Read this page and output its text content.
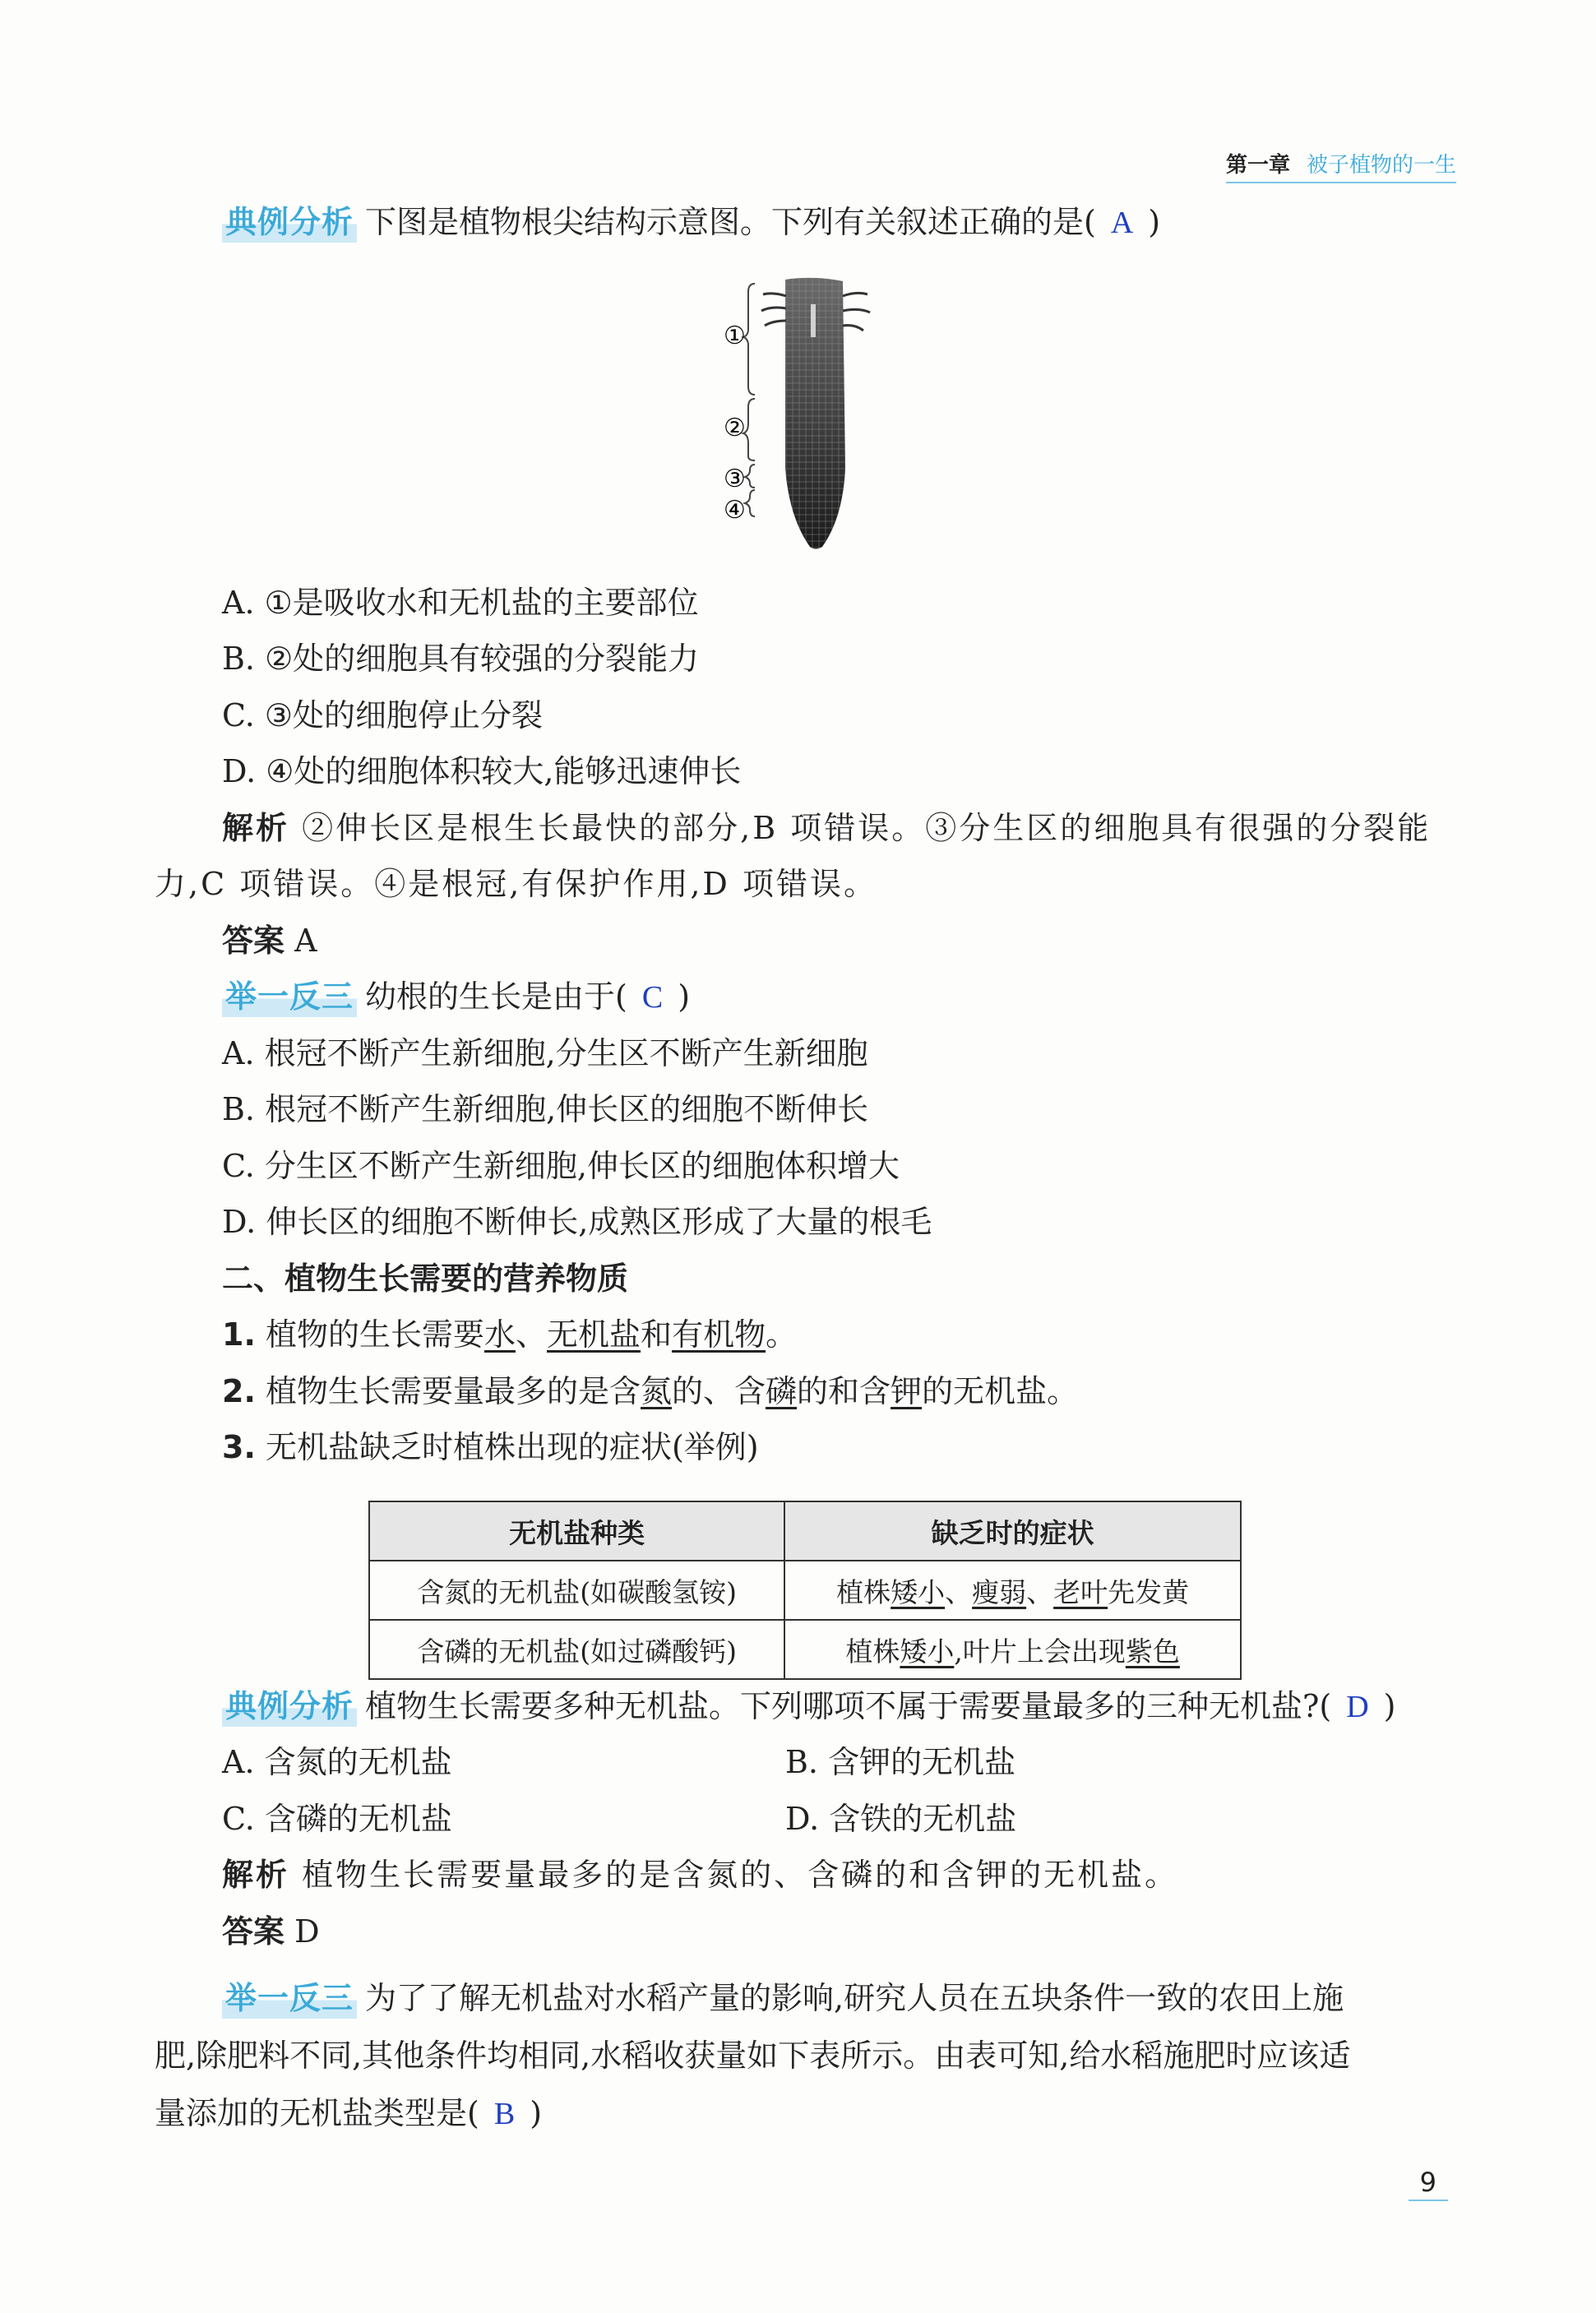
第一章 被子植物的一生
典例分析 下图是植物根尖结构示意图。下列有关叙述正确的是( A )
①
②
③
④
A. ①是吸收水和无机盐的主要部位
B. ②处的细胞具有较强的分裂能力
C. ③处的细胞停止分裂
D. ④处的细胞体积较大,能够迅速伸长
解析 ②伸长区是根生长最快的部分,B 项错误。③分生区的细胞具有很强的分裂能
力,C 项错误。④是根冠,有保护作用,D 项错误。
答案 A
举一反三 幼根的生长是由于( C )
A. 根冠不断产生新细胞,分生区不断产生新细胞
B. 根冠不断产生新细胞,伸长区的细胞不断伸长
C. 分生区不断产生新细胞,伸长区的细胞体积增大
D. 伸长区的细胞不断伸长,成熟区形成了大量的根毛
二、植物生长需要的营养物质
1. 植物的生长需要水、无机盐和有机物。
2. 植物生长需要量最多的是含氮的、含磷的和含钾的无机盐。
3. 无机盐缺乏时植株出现的症状(举例)
无机盐种类	缺乏时的症状
含氮的无机盐(如碳酸氢铵)	植株矮小、瘦弱、老叶先发黄
含磷的无机盐(如过磷酸钙)	植株矮小,叶片上会出现紫色
典例分析 植物生长需要多种无机盐。下列哪项不属于需要量最多的三种无机盐?( D )
A. 含氮的无机盐	B. 含钾的无机盐
C. 含磷的无机盐	D. 含铁的无机盐
解析 植物生长需要量最多的是含氮的、含磷的和含钾的无机盐。
答案 D
举一反三 为了了解无机盐对水稻产量的影响,研究人员在五块条件一致的农田上施
肥,除肥料不同,其他条件均相同,水稻收获量如下表所示。由表可知,给水稻施肥时应该适
量添加的无机盐类型是( B )
9
